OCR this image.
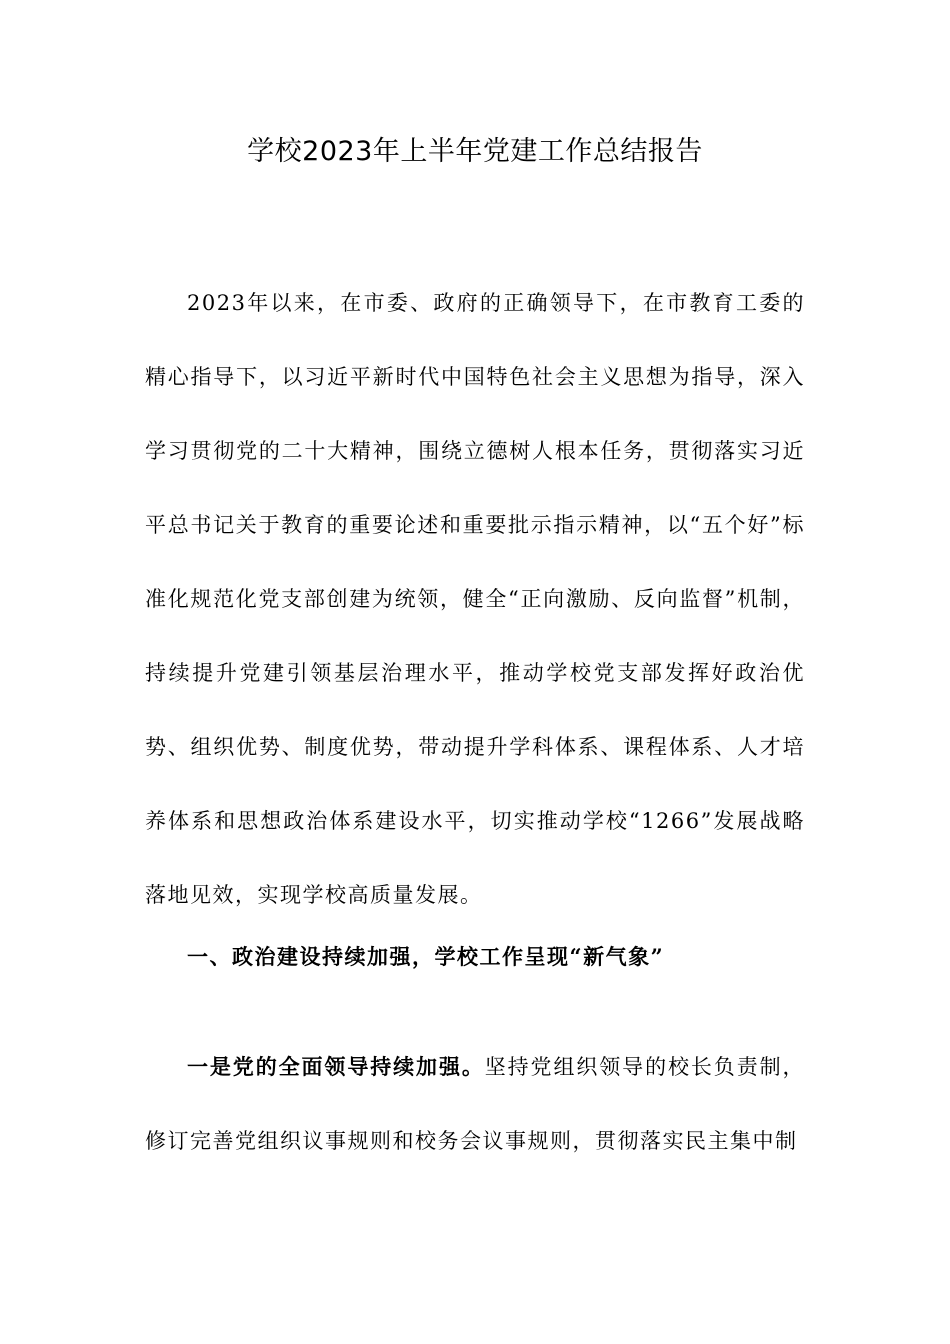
学校2023年上半年党建工作总结报告

2023年以来，在市委、政府的正确领导下，在市教育工委的精心指导下，以习近平新时代中国特色社会主义思想为指导，深入学习贯彻党的二十大精神，围绕立德树人根本任务，贯彻落实习近平总书记关于教育的重要论述和重要批示指示精神，以“五个好”标准化规范化党支部创建为统领，健全“正向激励、反向监督”机制，持续提升党建引领基层治理水平，推动学校党支部发挥好政治优势、组织优势、制度优势，带动提升学科体系、课程体系、人才培养体系和思想政治体系建设水平，切实推动学校“1266”发展战略落地见效，实现学校高质量发展。

一、政治建设持续加强，学校工作呈现“新气象”

一是党的全面领导持续加强。坚持党组织领导的校长负责制，修订完善党组织议事规则和校务会议事规则，贯彻落实民主集中制
